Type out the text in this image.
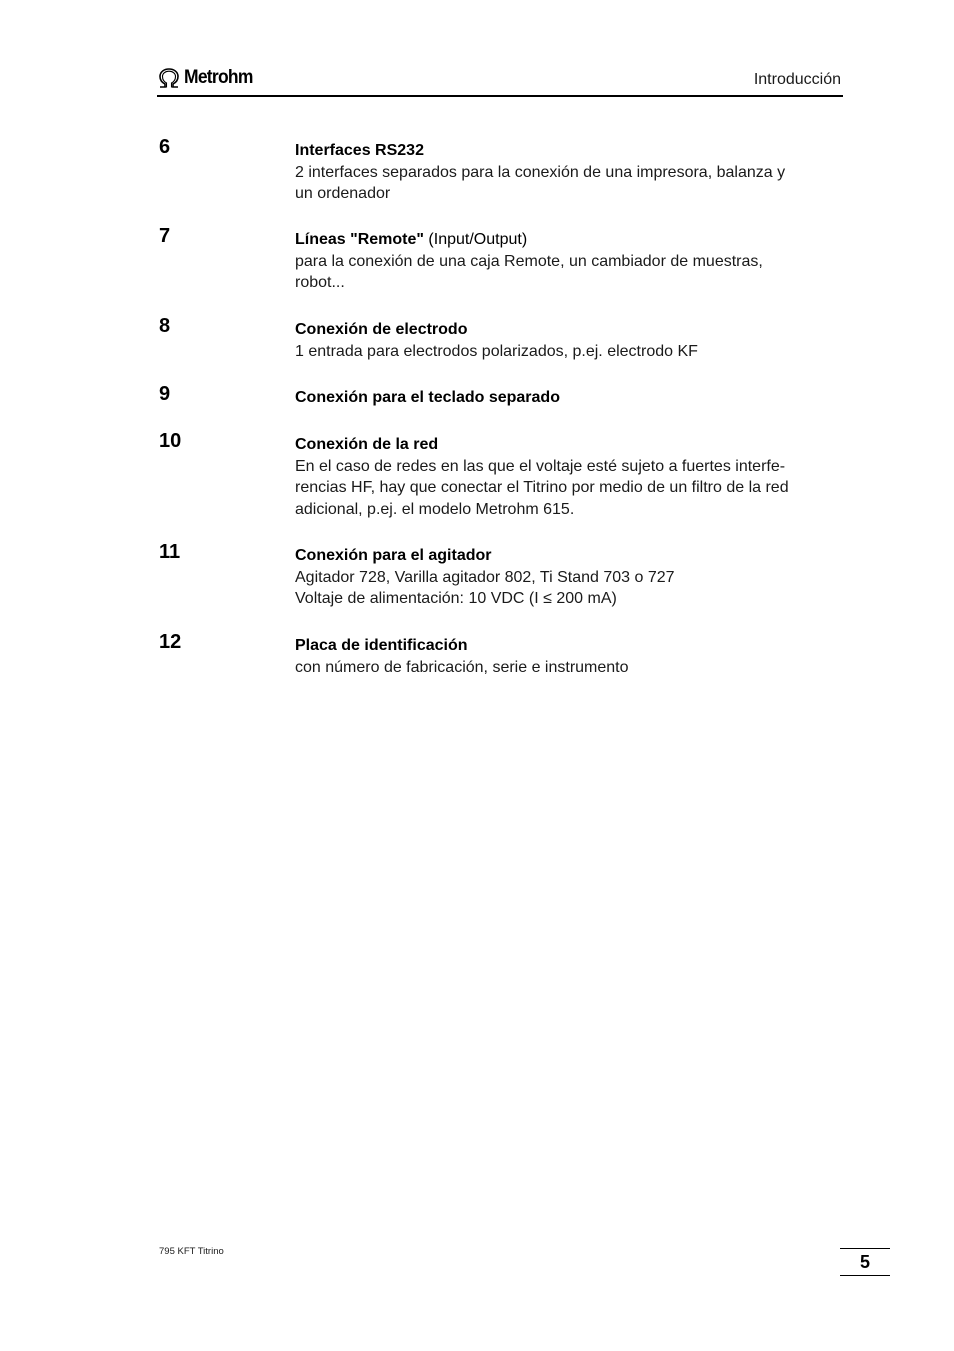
Metrohm	Introducción
6	Interfaces RS232
2 interfaces separados para la conexión de una impresora, balanza y
un ordenador
7	Líneas "Remote" (Input/Output)
para la conexión de una caja Remote, un cambiador de muestras,
robot...
8	Conexión de electrodo
1 entrada para electrodos polarizados, p.ej. electrodo KF
9	Conexión para el teclado separado
10	Conexión de la red
En el caso de redes en las que el voltaje esté sujeto a fuertes interfe-
rencias HF, hay que conectar el Titrino por medio de un filtro de la red
adicional, p.ej. el modelo Metrohm 615.
11	Conexión para el agitador
Agitador 728, Varilla agitador 802, Ti Stand 703 o 727
Voltaje de alimentación: 10 VDC (I ≤ 200 mA)
12	Placa de identificación
con número de fabricación, serie e instrumento
795 KFT Titrino
5
